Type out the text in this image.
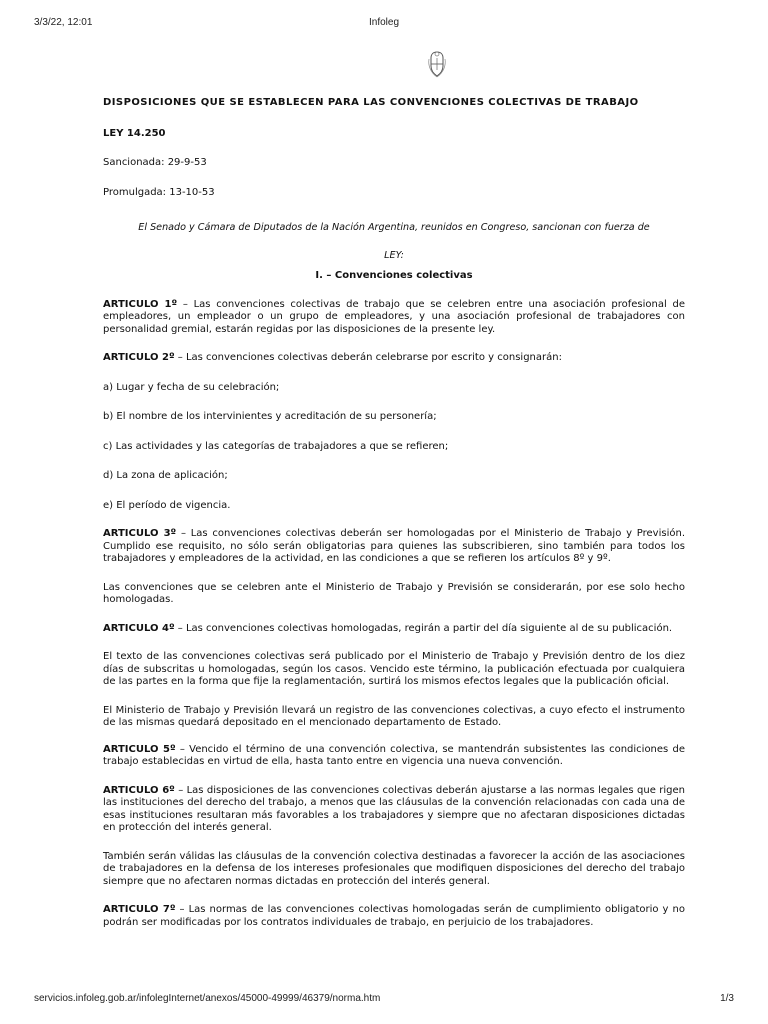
3/3/22, 12:01	Infoleg

DISPOSICIONES QUE SE ESTABLECEN PARA LAS CONVENCIONES COLECTIVAS DE TRABAJO

LEY 14.250

Sancionada: 29-9-53

Promulgada: 13-10-53

El Senado y Cámara de Diputados de la Nación Argentina, reunidos en Congreso, sancionan con fuerza de
LEY:

I. – Convenciones colectivas

ARTICULO 1º – Las convenciones colectivas de trabajo que se celebren entre una asociación profesional de empleadores, un empleador o un grupo de empleadores, y una asociación profesional de trabajadores con personalidad gremial, estarán regidas por las disposiciones de la presente ley.

ARTICULO 2º – Las convenciones colectivas deberán celebrarse por escrito y consignarán:

a) Lugar y fecha de su celebración;

b) El nombre de los intervinientes y acreditación de su personería;

c) Las actividades y las categorías de trabajadores a que se refieren;

d) La zona de aplicación;

e) El período de vigencia.

ARTICULO 3º – Las convenciones colectivas deberán ser homologadas por el Ministerio de Trabajo y Previsión. Cumplido ese requisito, no sólo serán obligatorias para quienes las subscribieren, sino también para todos los trabajadores y empleadores de la actividad, en las condiciones a que se refieren los artículos 8º y 9º.

Las convenciones que se celebren ante el Ministerio de Trabajo y Previsión se considerarán, por ese solo hecho homologadas.

ARTICULO 4º – Las convenciones colectivas homologadas, regirán a partir del día siguiente al de su publicación.

El texto de las convenciones colectivas será publicado por el Ministerio de Trabajo y Previsión dentro de los diez días de subscritas u homologadas, según los casos. Vencido este término, la publicación efectuada por cualquiera de las partes en la forma que fije la reglamentación, surtirá los mismos efectos legales que la publicación oficial.

El Ministerio de Trabajo y Previsión llevará un registro de las convenciones colectivas, a cuyo efecto el instrumento de las mismas quedará depositado en el mencionado departamento de Estado.

ARTICULO 5º – Vencido el término de una convención colectiva, se mantendrán subsistentes las condiciones de trabajo establecidas en virtud de ella, hasta tanto entre en vigencia una nueva convención.

ARTICULO 6º – Las disposiciones de las convenciones colectivas deberán ajustarse a las normas legales que rigen las instituciones del derecho del trabajo, a menos que las cláusulas de la convención relacionadas con cada una de esas instituciones resultaran más favorables a los trabajadores y siempre que no afectaran disposiciones dictadas en protección del interés general.

También serán válidas las cláusulas de la convención colectiva destinadas a favorecer la acción de las asociaciones de trabajadores en la defensa de los intereses profesionales que modifiquen disposiciones del derecho del trabajo siempre que no afectaren normas dictadas en protección del interés general.

ARTICULO 7º – Las normas de las convenciones colectivas homologadas serán de cumplimiento obligatorio y no podrán ser modificadas por los contratos individuales de trabajo, en perjuicio de los trabajadores.

servicios.infoleg.gob.ar/infolegInternet/anexos/45000-49999/46379/norma.htm	1/3
